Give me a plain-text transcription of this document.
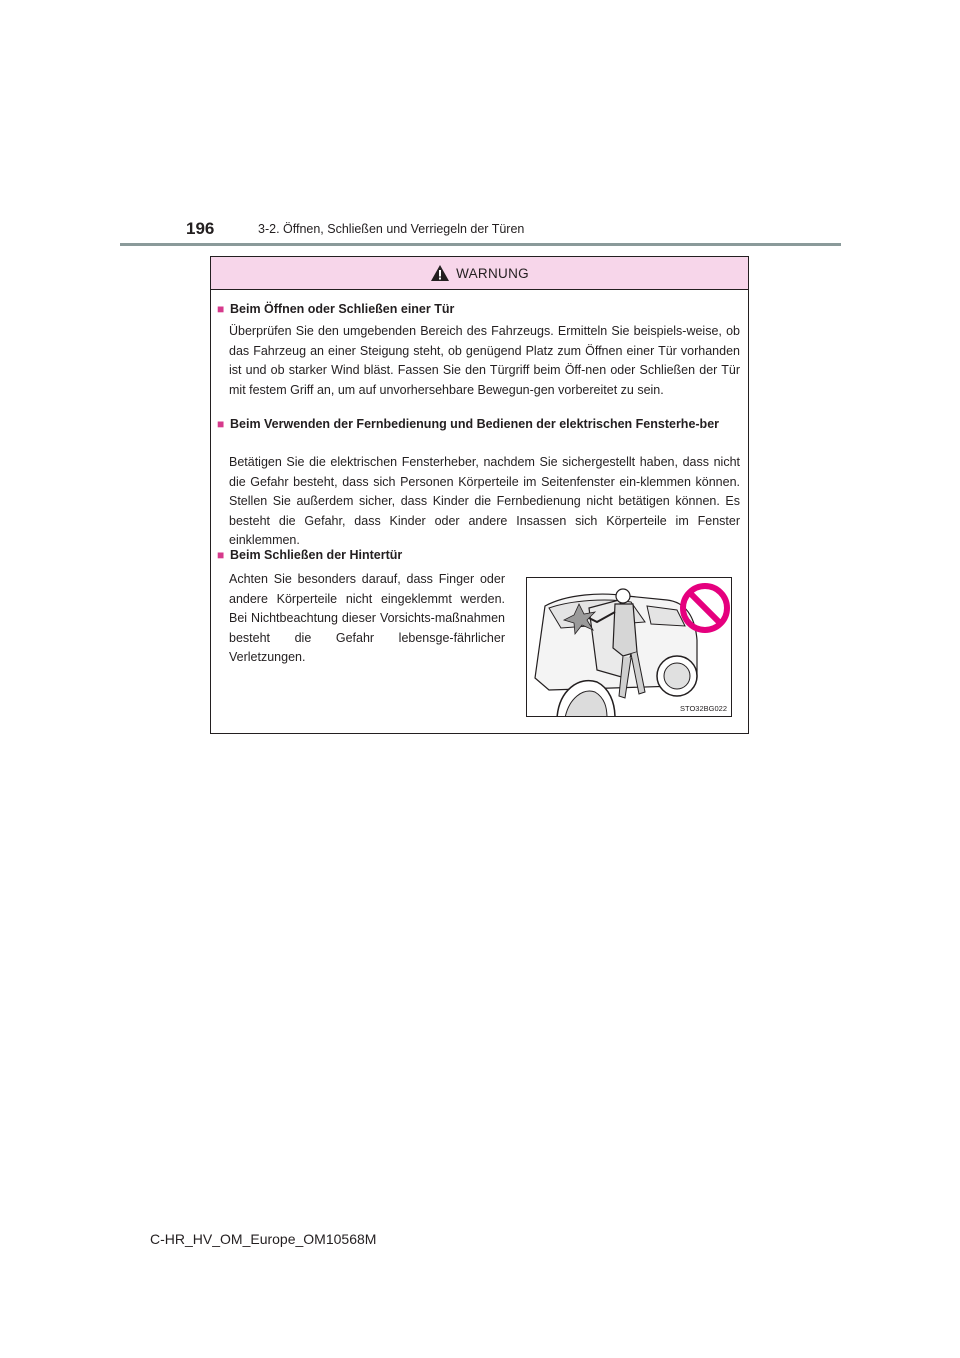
196	3-2. Öffnen, Schließen und Verriegeln der Türen
WARNUNG
■ Beim Öffnen oder Schließen einer Tür
Überprüfen Sie den umgebenden Bereich des Fahrzeugs. Ermitteln Sie beispiels-weise, ob das Fahrzeug an einer Steigung steht, ob genügend Platz zum Öffnen einer Tür vorhanden ist und ob starker Wind bläst. Fassen Sie den Türgriff beim Öff-nen oder Schließen der Tür mit festem Griff an, um auf unvorhersehbare Bewegun-gen vorbereitet zu sein.
■ Beim Verwenden der Fernbedienung und Bedienen der elektrischen Fensterhe-ber
Betätigen Sie die elektrischen Fensterheber, nachdem Sie sichergestellt haben, dass nicht die Gefahr besteht, dass sich Personen Körperteile im Seitenfenster ein-klemmen können. Stellen Sie außerdem sicher, dass Kinder die Fernbedienung nicht betätigen können. Es besteht die Gefahr, dass Kinder oder andere Insassen sich Körperteile im Fenster einklemmen.
■ Beim Schließen der Hintertür
Achten Sie besonders darauf, dass Finger oder andere Körperteile nicht eingeklemmt werden. Bei Nichtbeachtung dieser Vorsichts-maßnahmen besteht die Gefahr lebensge-fährlicher Verletzungen.
STO32BG022
C-HR_HV_OM_Europe_OM10568M
